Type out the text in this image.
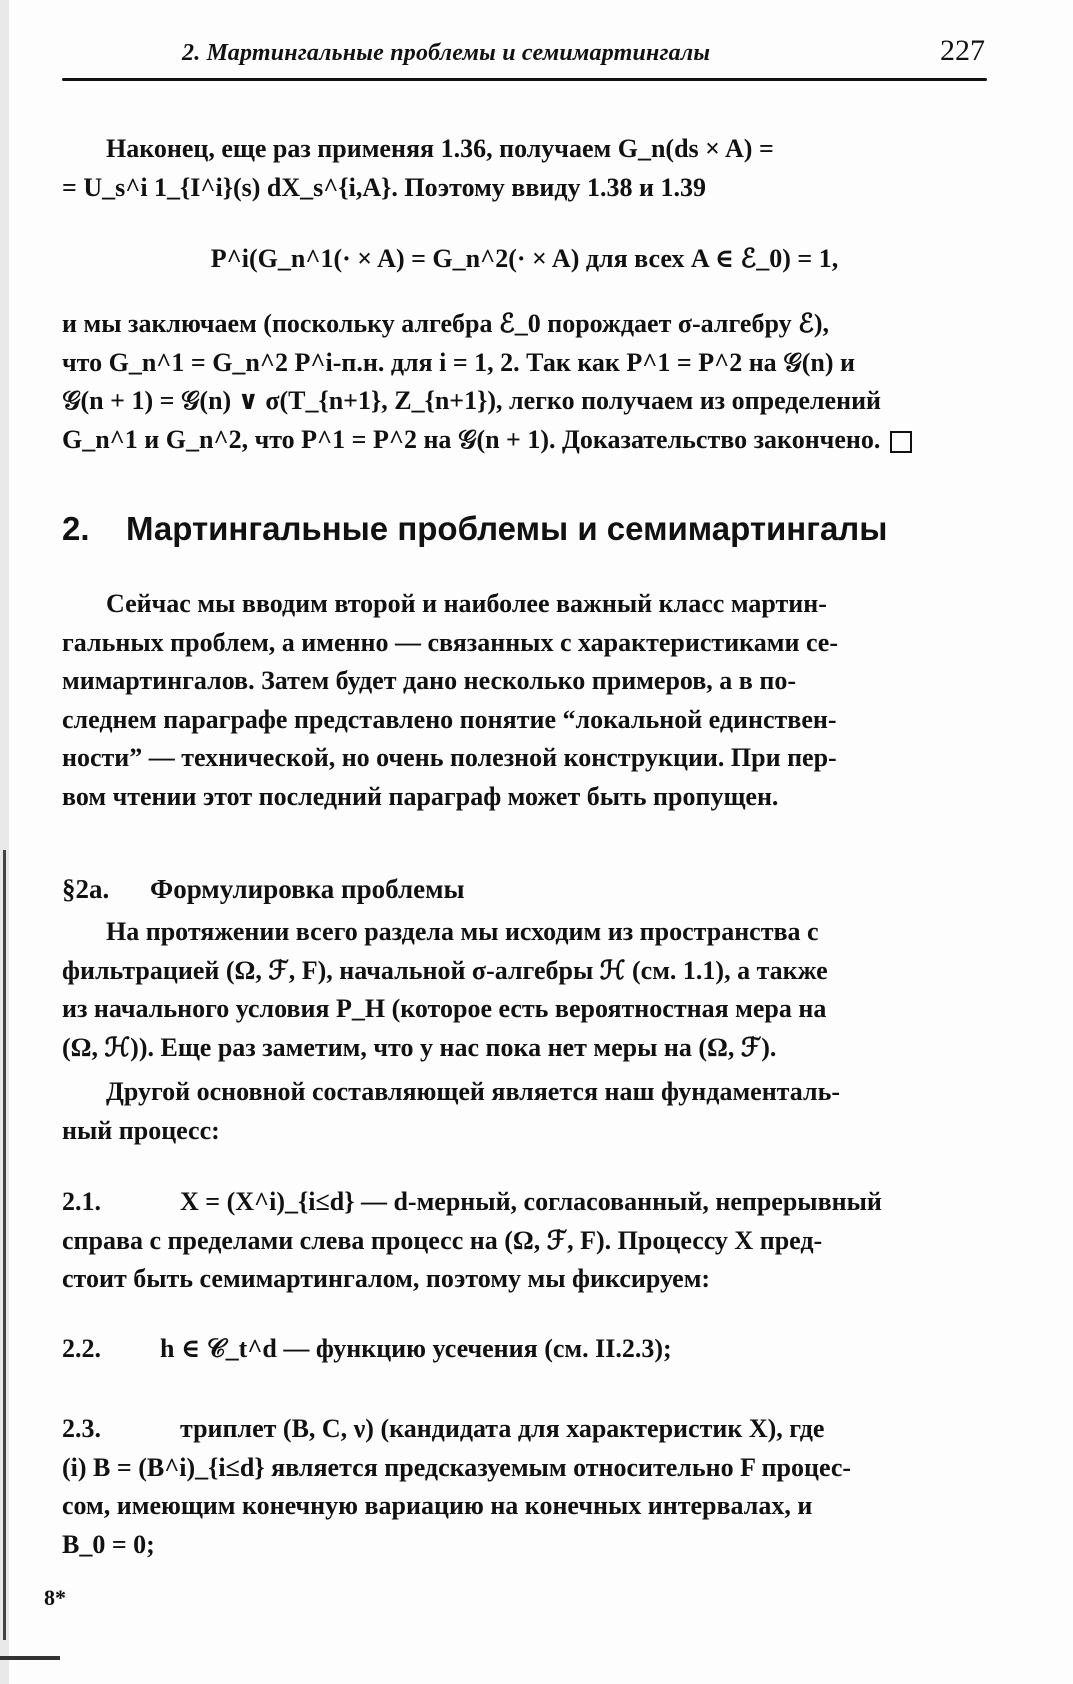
2. Мартингальные проблемы и семимартингалы	227
Наконец, еще раз применяя 1.36, получаем G_n(ds × A) =
= U_s^i 1_{I^i}(s) dX_s^{i,A}. Поэтому ввиду 1.38 и 1.39
P^i(G_n^1(· × A) = G_n^2(· × A) для всех A ∈ ℰ_0) = 1,
и мы заключаем (поскольку алгебра ℰ_0 порождает σ-алгебру ℰ),
что G_n^1 = G_n^2 P^i-п.н. для i = 1, 2. Так как P^1 = P^2 на 𝒢(n) и
𝒢(n + 1) = 𝒢(n) ∨ σ(T_{n+1}, Z_{n+1}), легко получаем из определений
G_n^1 и G_n^2, что P^1 = P^2 на 𝒢(n + 1). Доказательство закончено.
2. Мартингальные проблемы и семимартингалы
Сейчас мы вводим второй и наиболее важный класс мартин-
гальных проблем, а именно — связанных с характеристиками се-
мимартингалов. Затем будет дано несколько примеров, а в по-
следнем параграфе представлено понятие “локальной единствен-
ности” — технической, но очень полезной конструкции. При пер-
вом чтении этот последний параграф может быть пропущен.
§2a. Формулировка проблемы
На протяжении всего раздела мы исходим из пространства с
фильтрацией (Ω, ℱ, F), начальной σ-алгебры ℋ (см. 1.1), а также
из начального условия P_H (которое есть вероятностная мера на
(Ω, ℋ)). Еще раз заметим, что у нас пока нет меры на (Ω, ℱ).
Другой основной составляющей является наш фундаменталь-
ный процесс:
2.1.	X = (X^i)_{i≤d} — d-мерный, согласованный, непрерывный
справа с пределами слева процесс на (Ω, ℱ, F). Процессу X пред-
стоит быть семимартингалом, поэтому мы фиксируем:
2.2. h ∈ 𝒞_t^d — функцию усечения (см. II.2.3);
2.3.	триплет (B, C, ν) (кандидата для характеристик X), где
(i) B = (B^i)_{i≤d} является предсказуемым относительно F процес-
сом, имеющим конечную вариацию на конечных интервалах, и
B_0 = 0;
8*
